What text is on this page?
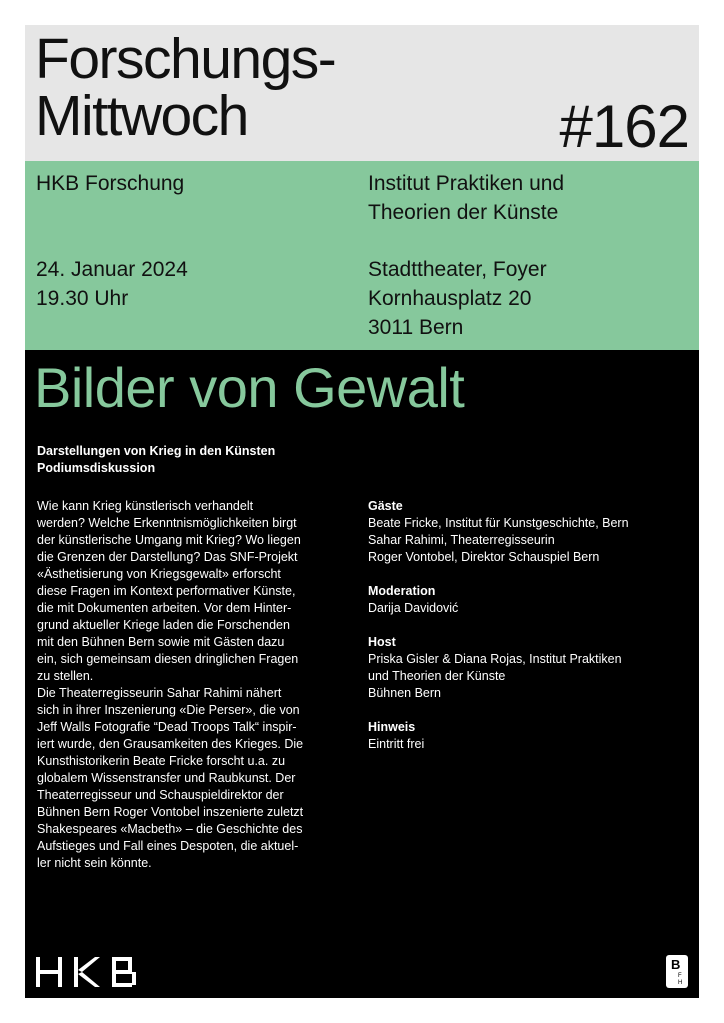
Forschungs-
Mittwoch	#162
HKB Forschung	Institut Praktiken und
Theorien der Künste
24. Januar 2024
19.30 Uhr
Stadttheater, Foyer
Kornhausplatz 20
3011 Bern
Bilder von Gewalt
Darstellungen von Krieg in den Künsten
Podiumsdiskussion
Wie kann Krieg künstlerisch verhandelt
werden? Welche Erkenntnismöglichkeiten birgt
der künstlerische Umgang mit Krieg? Wo liegen
die Grenzen der Darstellung? Das SNF-Projekt
«Ästhetisierung von Kriegsgewalt» erforscht
diese Fragen im Kontext performativer Künste,
die mit Dokumenten arbeiten. Vor dem Hinter-
grund aktueller Kriege laden die Forschenden
mit den Bühnen Bern sowie mit Gästen dazu
ein, sich gemeinsam diesen dringlichen Fragen
zu stellen.
Die Theaterregisseurin Sahar Rahimi nähert
sich in ihrer Inszenierung «Die Perser», die von
Jeff Walls Fotografie “Dead Troops Talk“ inspir-
iert wurde, den Grausamkeiten des Krieges. Die
Kunsthistorikerin Beate Fricke forscht u.a. zu
globalem Wissenstransfer und Raubkunst. Der
Theaterregisseur und Schauspieldirektor der
Bühnen Bern Roger Vontobel inszenierte zuletzt
Shakespeares «Macbeth» – die Geschichte des
Aufstieges und Fall eines Despoten, die aktuel-
ler nicht sein könnte.
Gäste
Beate Fricke, Institut für Kunstgeschichte, Bern
Sahar Rahimi, Theaterregisseurin
Roger Vontobel, Direktor Schauspiel Bern
Moderation
Darija Davidović
Host
Priska Gisler & Diana Rojas, Institut Praktiken
und Theorien der Künste
Bühnen Bern
Hinweis
Eintritt frei
B
F
H
